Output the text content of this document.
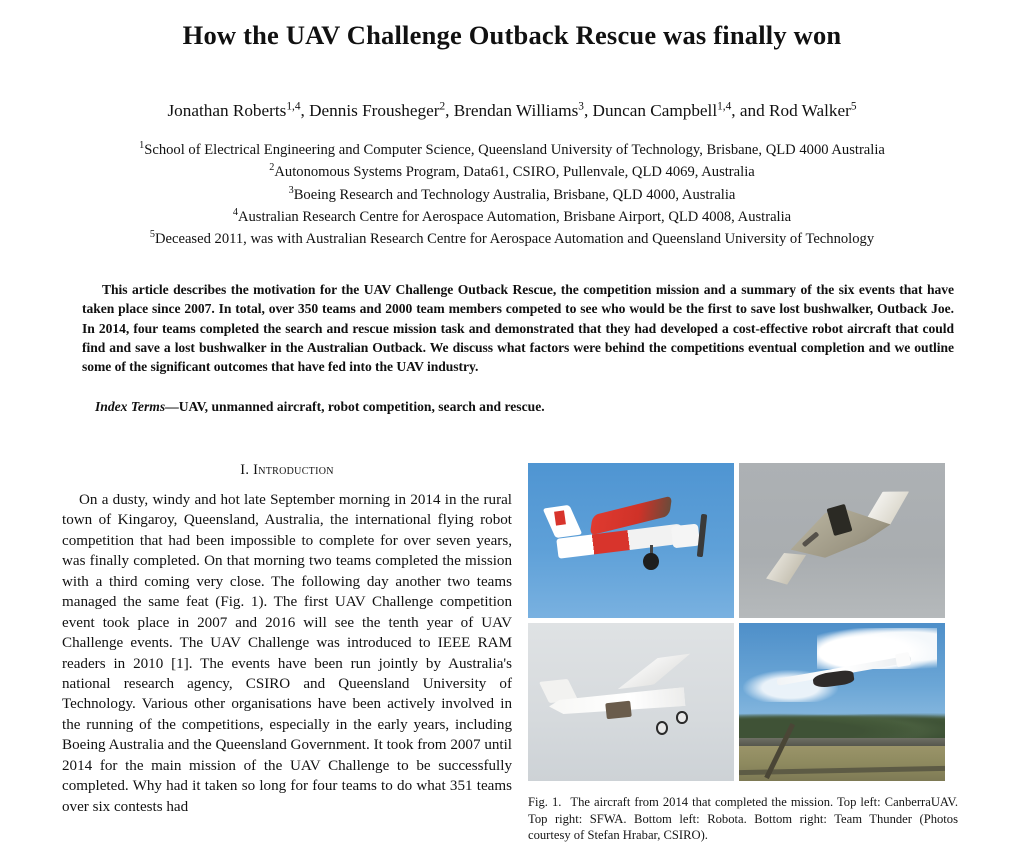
How the UAV Challenge Outback Rescue was finally won
Jonathan Roberts$^{1,4}$, Dennis Frousheger$^2$, Brendan Williams$^3$, Duncan Campbell$^{1,4}$, and Rod Walker$^5$
$^1$School of Electrical Engineering and Computer Science, Queensland University of Technology, Brisbane, QLD 4000 Australia
$^2$Autonomous Systems Program, Data61, CSIRO, Pullenvale, QLD 4069, Australia
$^3$Boeing Research and Technology Australia, Brisbane, QLD 4000, Australia
$^4$Australian Research Centre for Aerospace Automation, Brisbane Airport, QLD 4008, Australia
$^5$Deceased 2011, was with Australian Research Centre for Aerospace Automation and Queensland University of Technology
This article describes the motivation for the UAV Challenge Outback Rescue, the competition mission and a summary of the six events that have taken place since 2007. In total, over 350 teams and 2000 team members competed to see who would be the first to save lost bushwalker, Outback Joe. In 2014, four teams completed the search and rescue mission task and demonstrated that they had developed a cost-effective robot aircraft that could find and save a lost bushwalker in the Australian Outback. We discuss what factors were behind the competitions eventual completion and we outline some of the significant outcomes that have fed into the UAV industry.
Index Terms—UAV, unmanned aircraft, robot competition, search and rescue.
I. Introduction
On a dusty, windy and hot late September morning in 2014 in the rural town of Kingaroy, Queensland, Australia, the international flying robot competition that had been impossible to complete for over seven years, was finally completed. On that morning two teams completed the mission with a third coming very close. The following day another two teams managed the same feat (Fig. 1). The first UAV Challenge competition event took place in 2007 and 2016 will see the tenth year of UAV Challenge events. The UAV Challenge was introduced to IEEE RAM readers in 2010 [1]. The events have been run jointly by Australia's national research agency, CSIRO and Queensland University of Technology. Various other organisations have been actively involved in the running of the competitions, especially in the early years, including Boeing Australia and the Queensland Government. It took from 2007 until 2014 for the main mission of the UAV Challenge to be successfully completed. Why had it taken so long for four teams to do what 351 teams over six contests had	Fig. 1. The aircraft from 2014 that completed the mission. Top left: CanberraUAV. Top right: SFWA. Bottom left: Robota. Bottom right: Team Thunder (Photos courtesy of Stefan Hrabar, CSIRO).
